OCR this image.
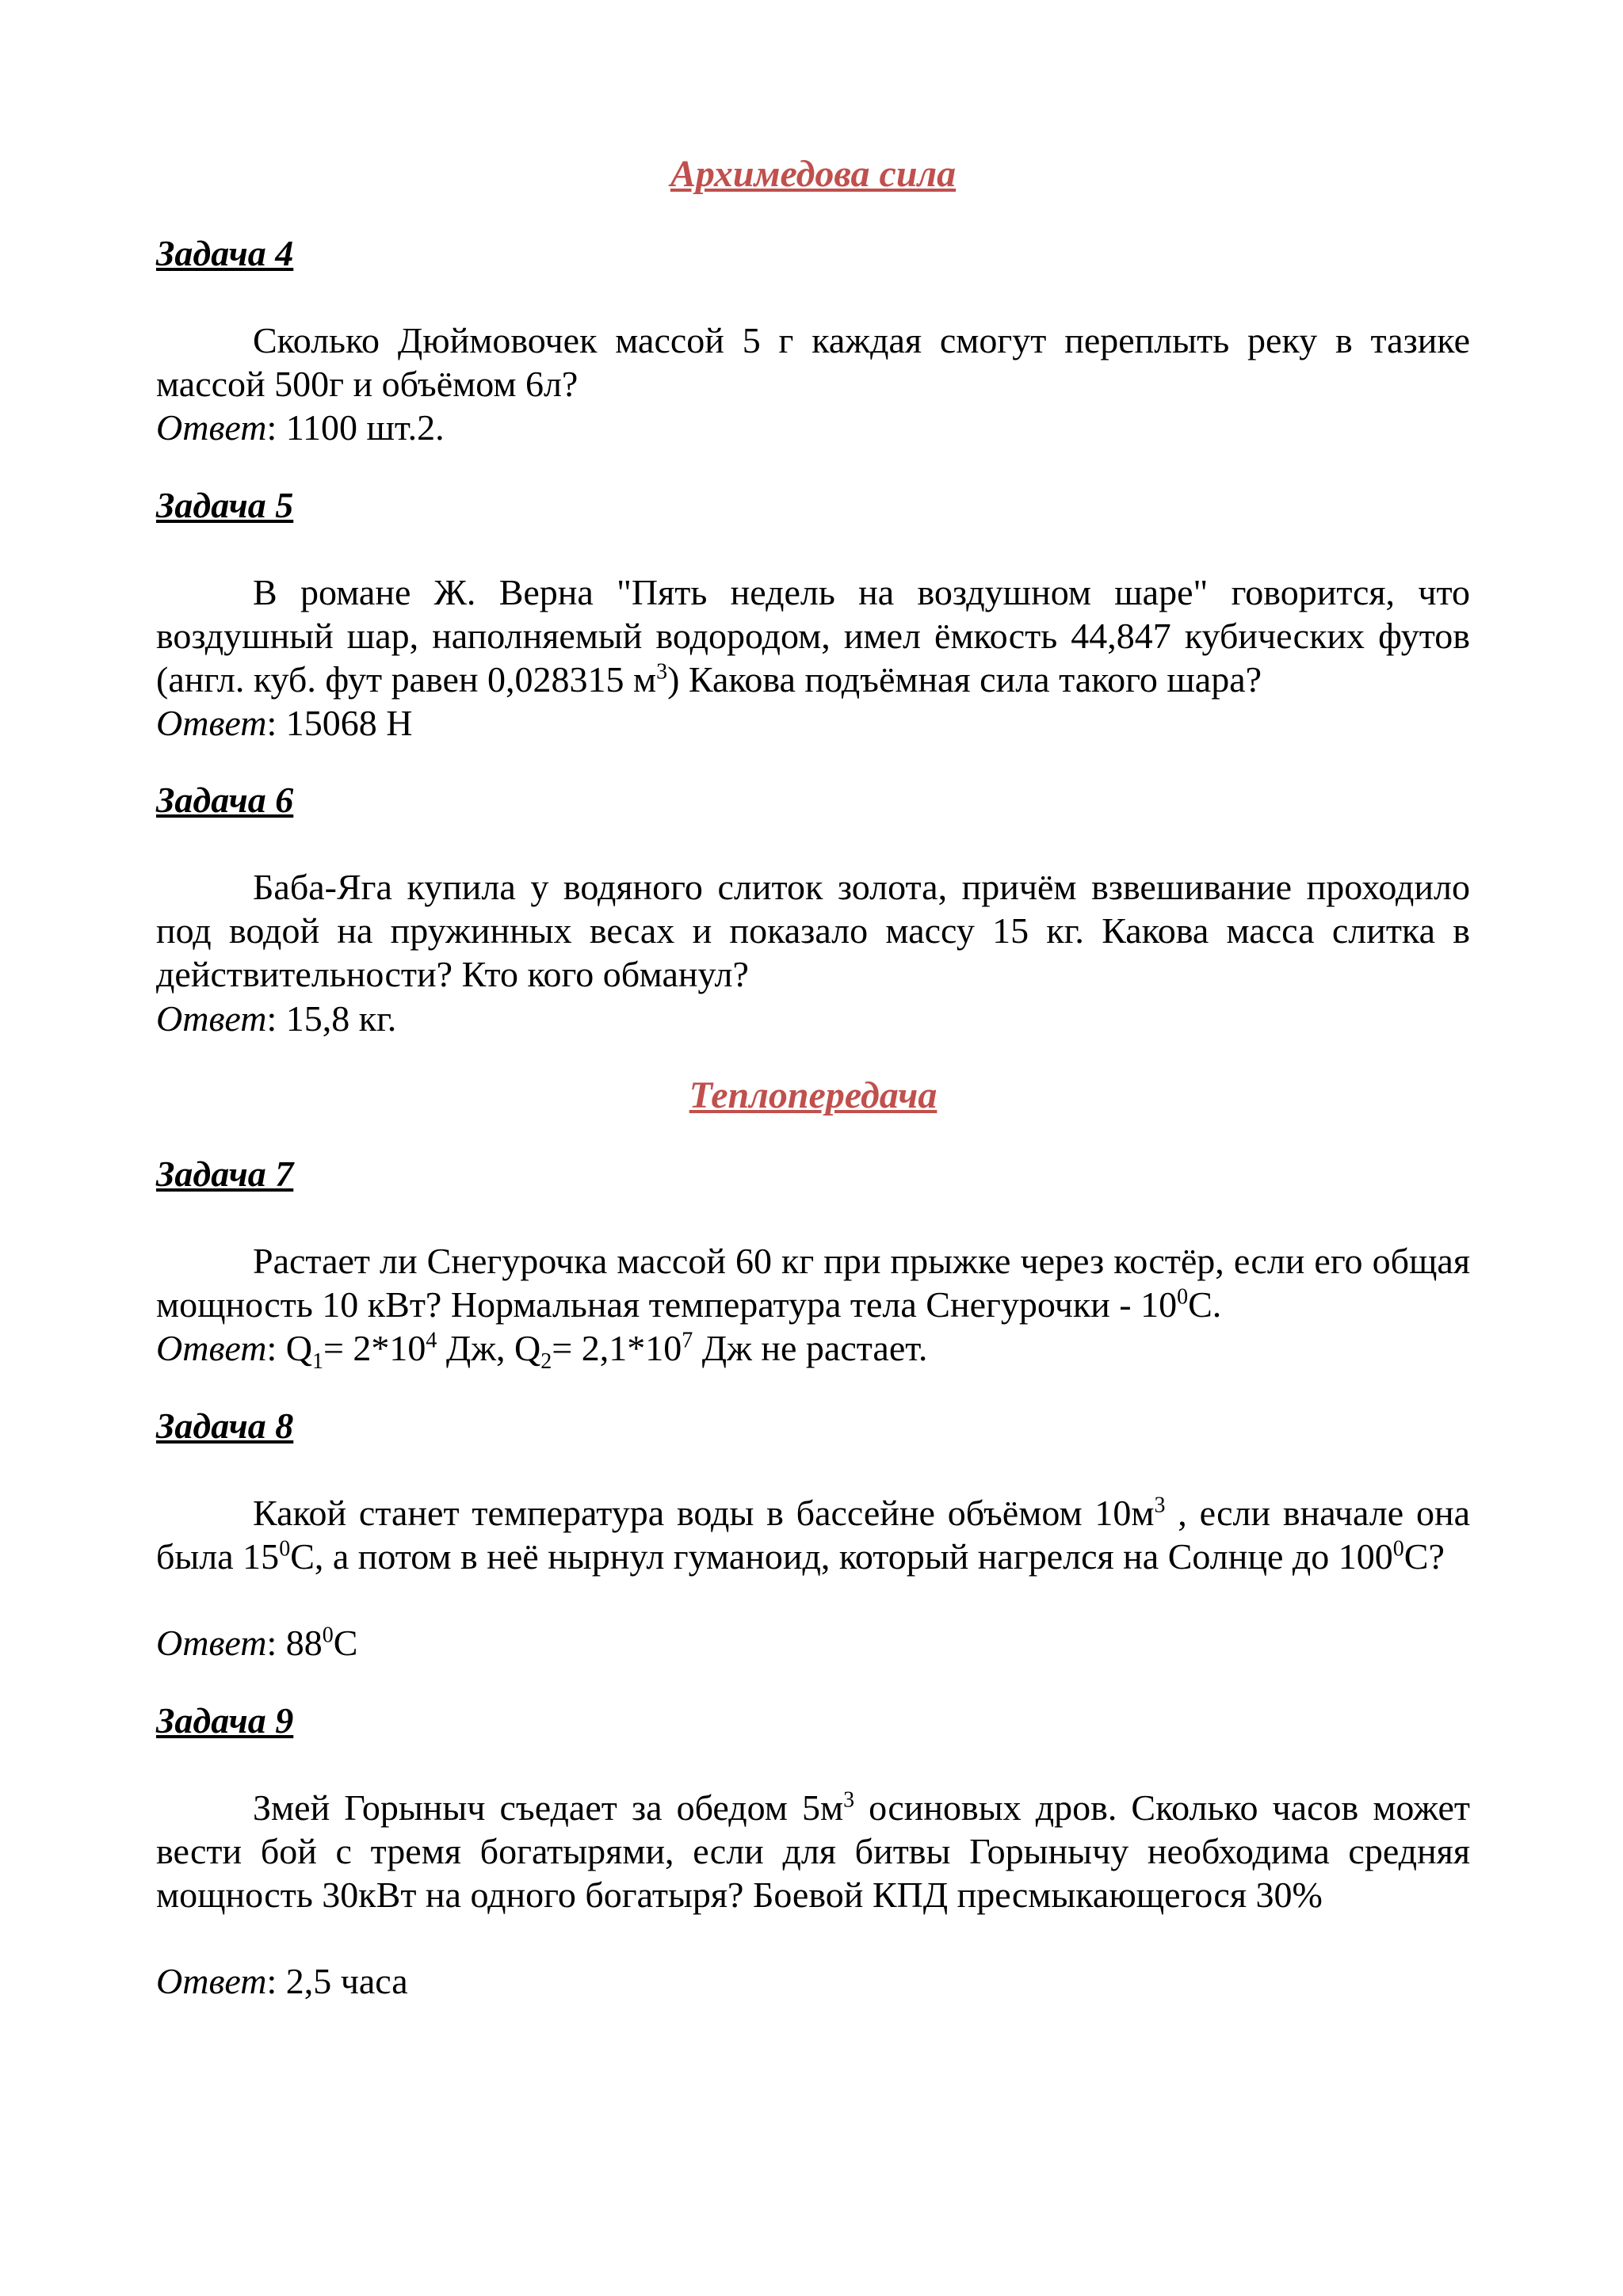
Архимедова сила
Задача 4

Сколько Дюймовочек массой 5 г каждая смогут переплыть реку в тазике массой 500г и объёмом 6л?

Ответ: 1100 шт.2.

Задача 5

В романе Ж. Верна "Пять недель на воздушном шаре" говорится, что воздушный шар, наполняемый водородом, имел ёмкость 44,847 кубических футов (англ. куб. фут равен 0,028315 $м^3$) Какова подъёмная сила такого шара?

Ответ: 15068 Н

Задача 6

Баба-Яга купила у водяного слиток золота, причём взвешивание проходило под водой на пружинных весах и показало массу 15 кг. Какова масса слитка в действительности? Кто кого обманул?

Ответ: 15,8 кг.

Теплопередача
Задача 7

Растает ли Снегурочка массой 60 кг при прыжке через костёр, если его общая мощность 10 кВт? Нормальная температура тела Снегурочки - $10^0С$.

Ответ: $Q_1= 2*10^4$ Дж, $Q_2= 2,1*10^7$ Дж не растает.

Задача 8

Какой станет температура воды в бассейне объёмом $10м^3$ , если вначале она была $15^0С$, а потом в неё нырнул гуманоид, который нагрелся на Солнце до $100^0С$?

Ответ: $88^0С$

Задача 9

Змей Горыныч съедает за обедом $5м^3$ осиновых дров. Сколько часов может вести бой с тремя богатырями, если для битвы Горынычу необходима средняя мощность 30кВт на одного богатыря? Боевой КПД пресмыкающегося 30%

Ответ: 2,5 часа
